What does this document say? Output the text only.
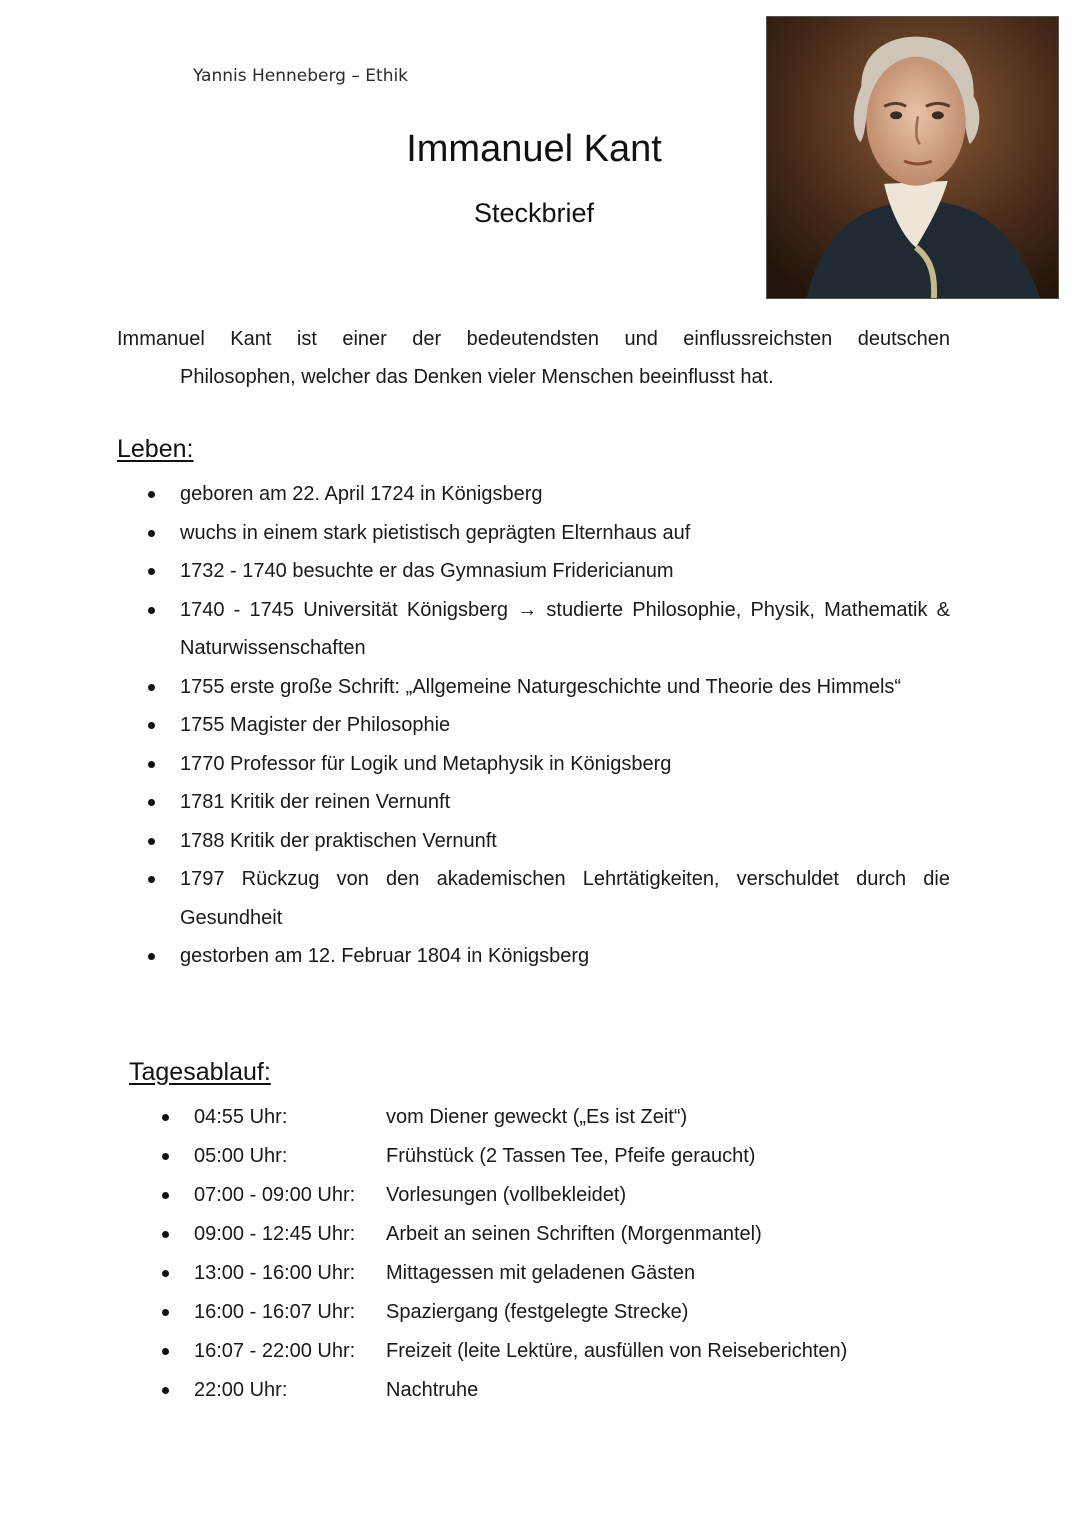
Yannis Henneberg – Ethik
Immanuel Kant
Steckbrief
Immanuel Kant ist einer der bedeutendsten und einflussreichsten deutschen
Philosophen, welcher das Denken vieler Menschen beeinflusst hat.
Leben:
geboren am 22. April 1724 in Königsberg
wuchs in einem stark pietistisch geprägten Elternhaus auf
1732 - 1740 besuchte er das Gymnasium Fridericianum
1740 - 1745 Universität Königsberg → studierte Philosophie, Physik, Mathematik & Naturwissenschaften
1755 erste große Schrift: „Allgemeine Naturgeschichte und Theorie des Himmels“
1755 Magister der Philosophie
1770 Professor für Logik und Metaphysik in Königsberg
1781 Kritik der reinen Vernunft
1788 Kritik der praktischen Vernunft
1797 Rückzug von den akademischen Lehrtätigkeiten, verschuldet durch die Gesundheit
gestorben am 12. Februar 1804 in Königsberg
Tagesablauf:
04:55 Uhr:	vom Diener geweckt („Es ist Zeit“)
05:00 Uhr:	Frühstück (2 Tassen Tee, Pfeife geraucht)
07:00 - 09:00 Uhr:	Vorlesungen (vollbekleidet)
09:00 - 12:45 Uhr:	Arbeit an seinen Schriften (Morgenmantel)
13:00 - 16:00 Uhr:	Mittagessen mit geladenen Gästen
16:00 - 16:07 Uhr:	Spaziergang (festgelegte Strecke)
16:07 - 22:00 Uhr:	Freizeit (leite Lektüre, ausfüllen von Reiseberichten)
22:00 Uhr:	Nachtruhe
